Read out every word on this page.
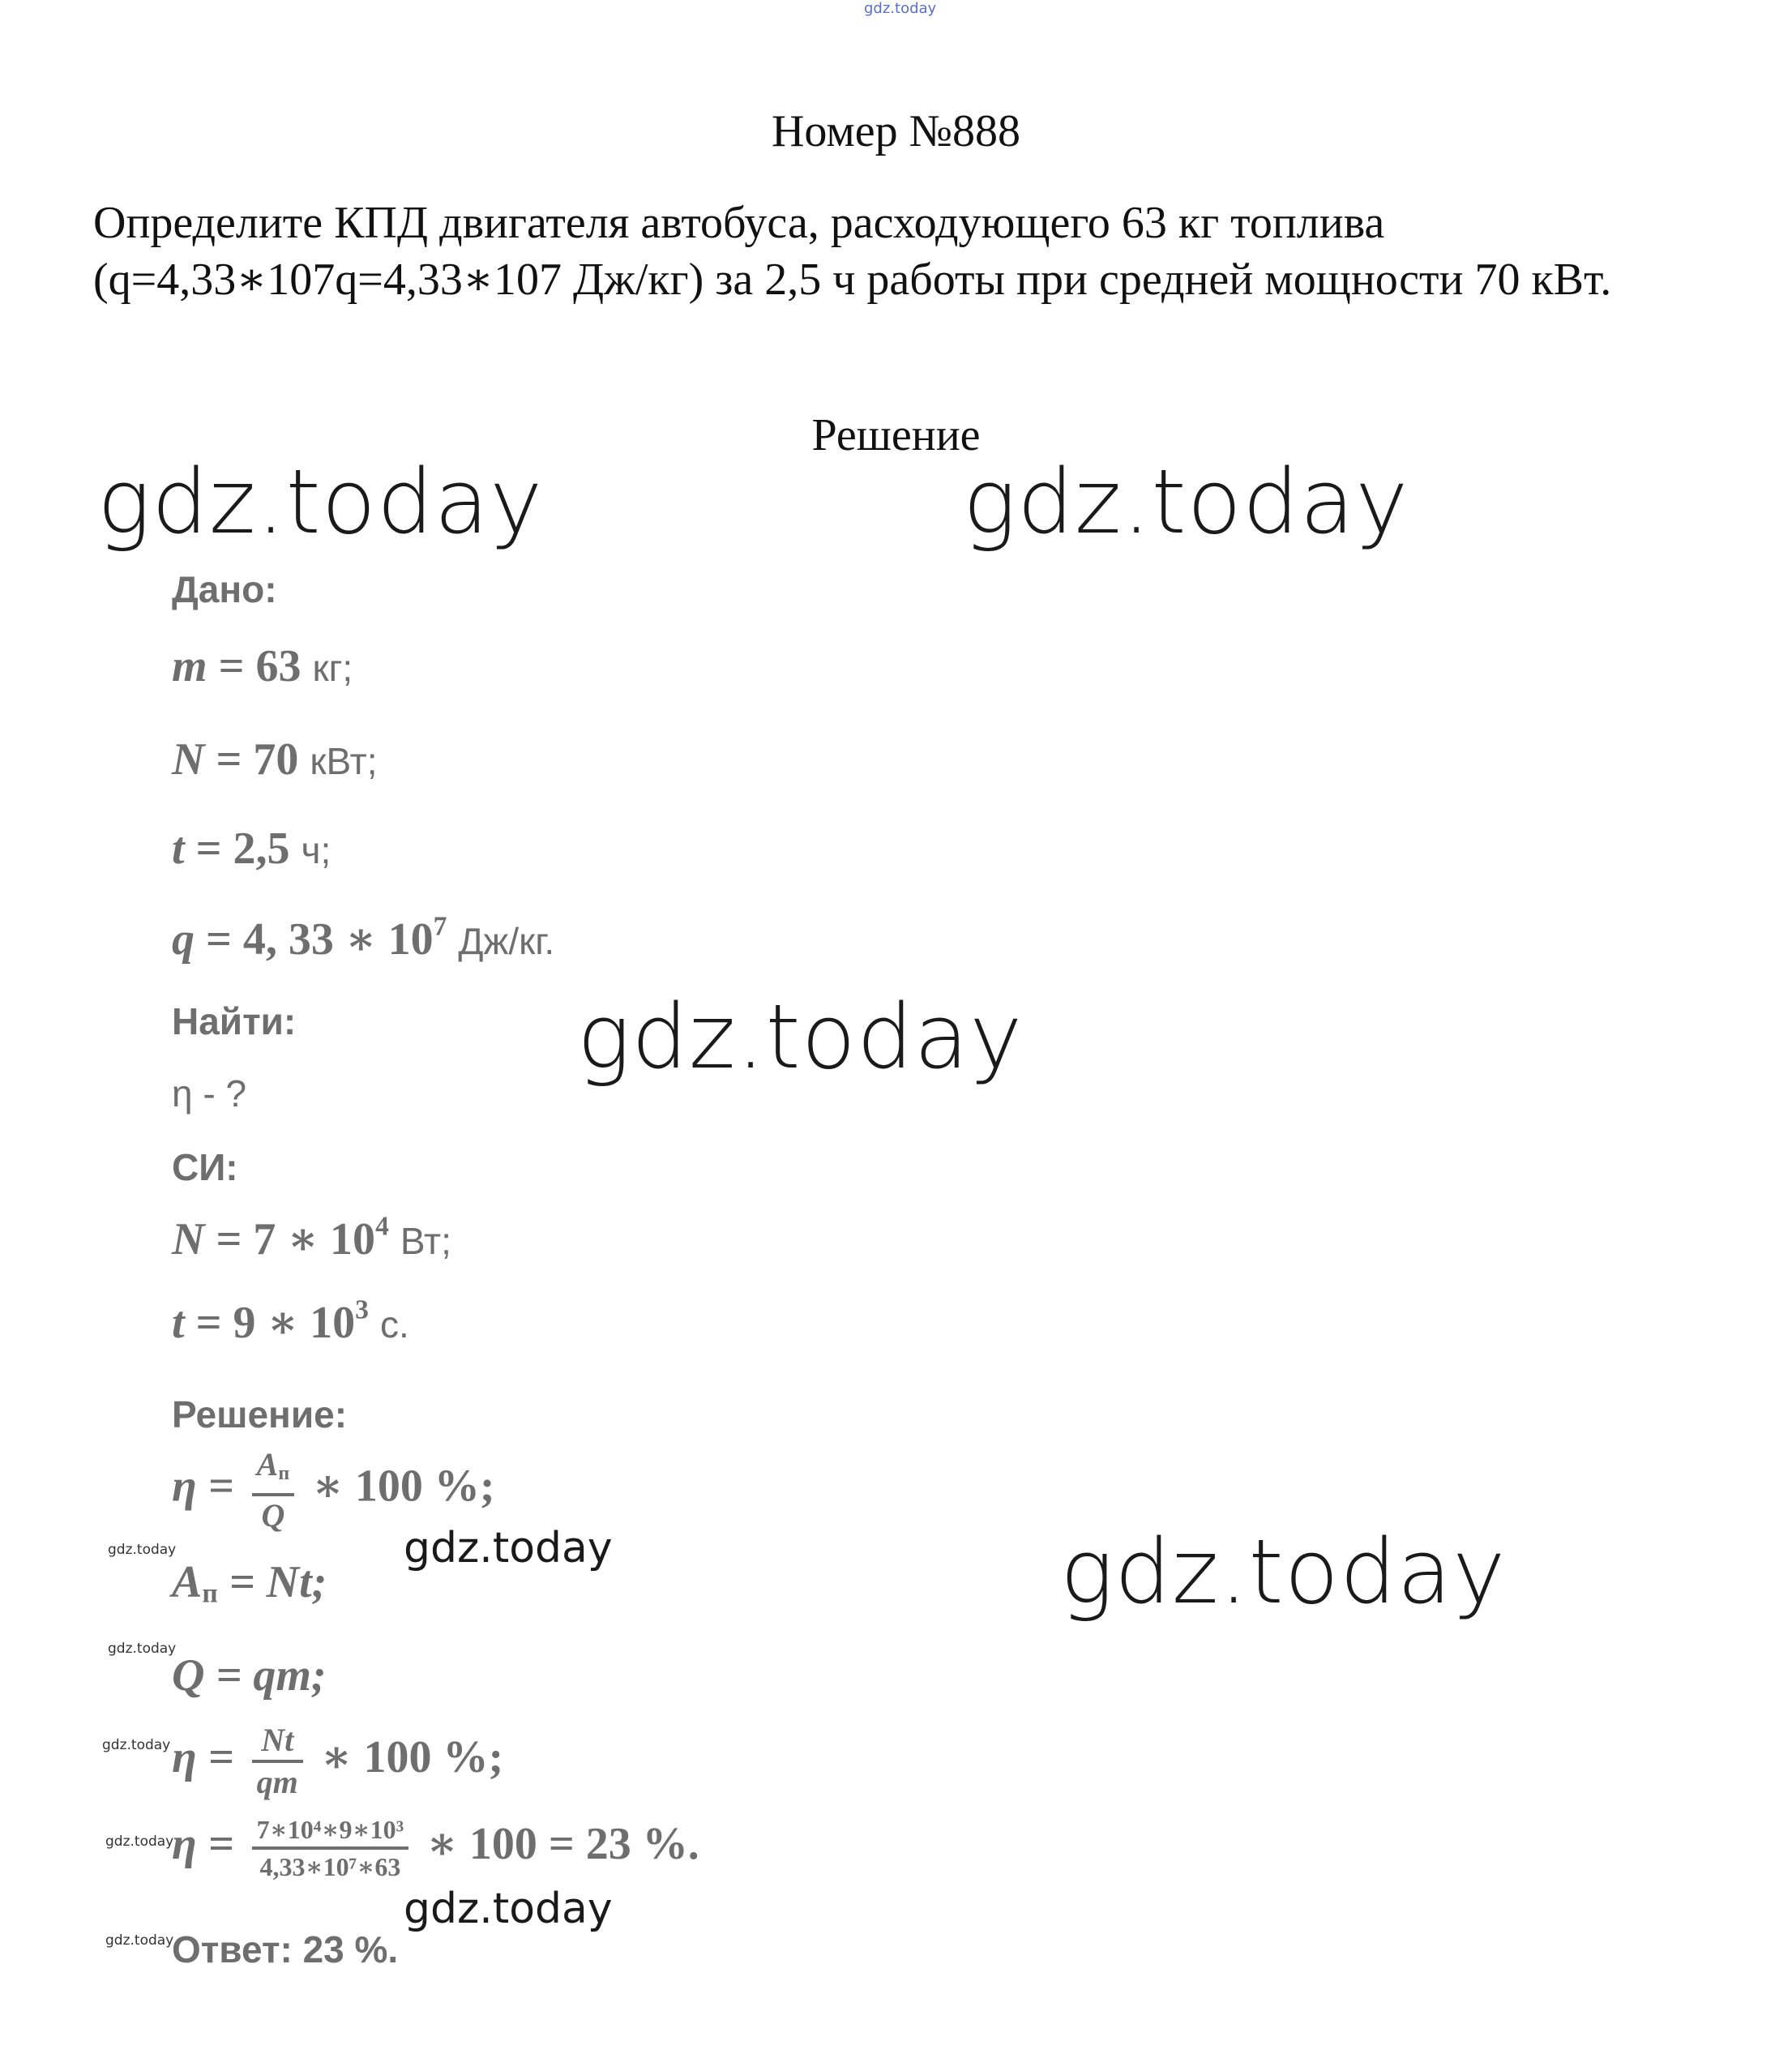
gdz.today
Номер №888
Определите КПД двигателя автобуса, расходующего 63 кг топлива (q=4,33∗107q=4,33∗107 Дж/кг) за 2,5 ч работы при средней мощности 70 кВт.
Решение
gdz.today	gdz.today
gdz.today
gdz.today
gdz.today
gdz.today
gdz.today
gdz.today
gdz.today
gdz.today
gdz.today
Дано:
m = 63 кг;
N = 70 кВт;
t = 2,5 ч;
q = 4, 33 ∗ $10^7$ Дж/кг.
Найти:
η - ?
СИ:
N = 7 ∗ $10^4$ Вт;
t = 9 ∗ $10^3$ с.
Решение:
$\eta = \frac{A_п}{Q}$ ∗ 100 %;
$A_п = Nt$;
Q = qm;
$\eta = \frac{Nt}{qm}$ ∗ 100 %;
$\eta = \frac{\text{7∗10⁴∗9∗10³}}{\text{4,33∗10⁷∗63}}$ ∗ 100 = 23 %.
Ответ: 23 %.
